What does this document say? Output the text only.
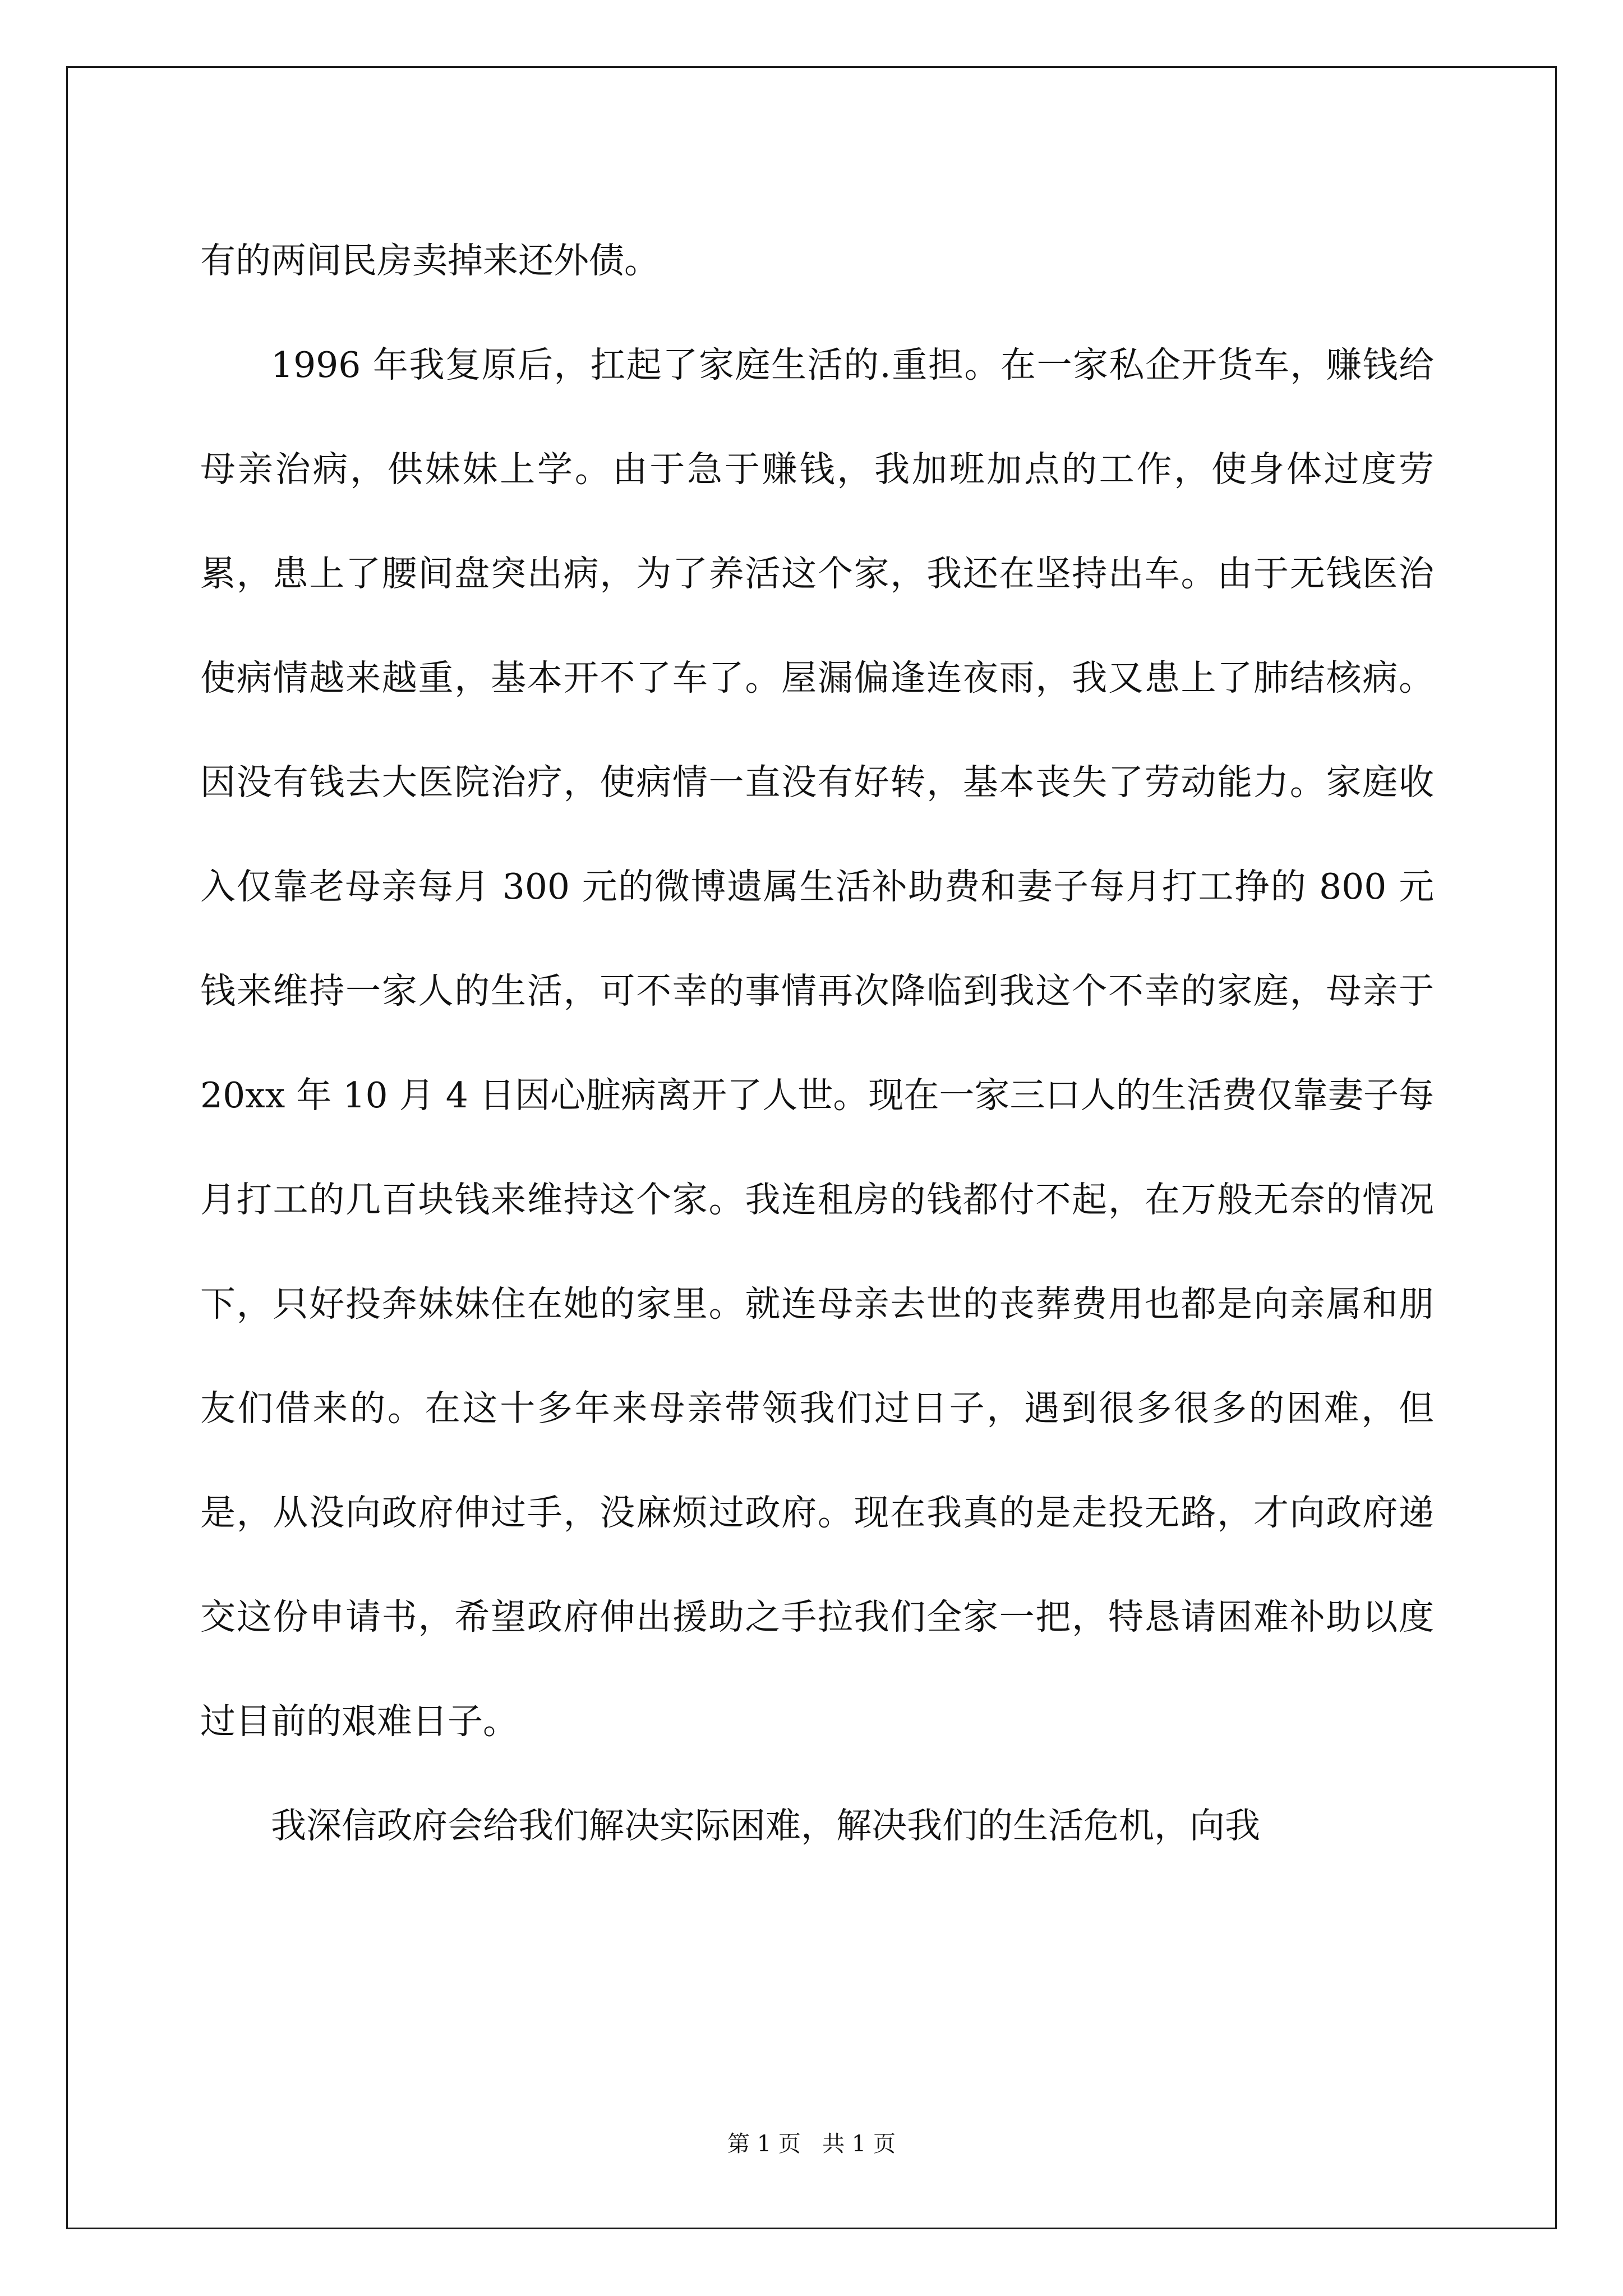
有的两间民房卖掉来还外债。

1996 年我复原后，扛起了家庭生活的.重担。在一家私企开货车，赚钱给母亲治病，供妹妹上学。由于急于赚钱，我加班加点的工作，使身体过度劳累，患上了腰间盘突出病，为了养活这个家，我还在坚持出车。由于无钱医治使病情越来越重，基本开不了车了。屋漏偏逢连夜雨，我又患上了肺结核病。因没有钱去大医院治疗，使病情一直没有好转，基本丧失了劳动能力。家庭收入仅靠老母亲每月 300 元的微博遗属生活补助费和妻子每月打工挣的 800 元钱来维持一家人的生活，可不幸的事情再次降临到我这个不幸的家庭，母亲于 20xx 年 10 月 4 日因心脏病离开了人世。现在一家三口人的生活费仅靠妻子每月打工的几百块钱来维持这个家。我连租房的钱都付不起，在万般无奈的情况下，只好投奔妹妹住在她的家里。就连母亲去世的丧葬费用也都是向亲属和朋友们借来的。在这十多年来母亲带领我们过日子，遇到很多很多的困难，但是，从没向政府伸过手，没麻烦过政府。现在我真的是走投无路，才向政府递交这份申请书，希望政府伸出援助之手拉我们全家一把，特恳请困难补助以度过目前的艰难日子。

我深信政府会给我们解决实际困难，解决我们的生活危机，向我

第 1 页   共 1 页
